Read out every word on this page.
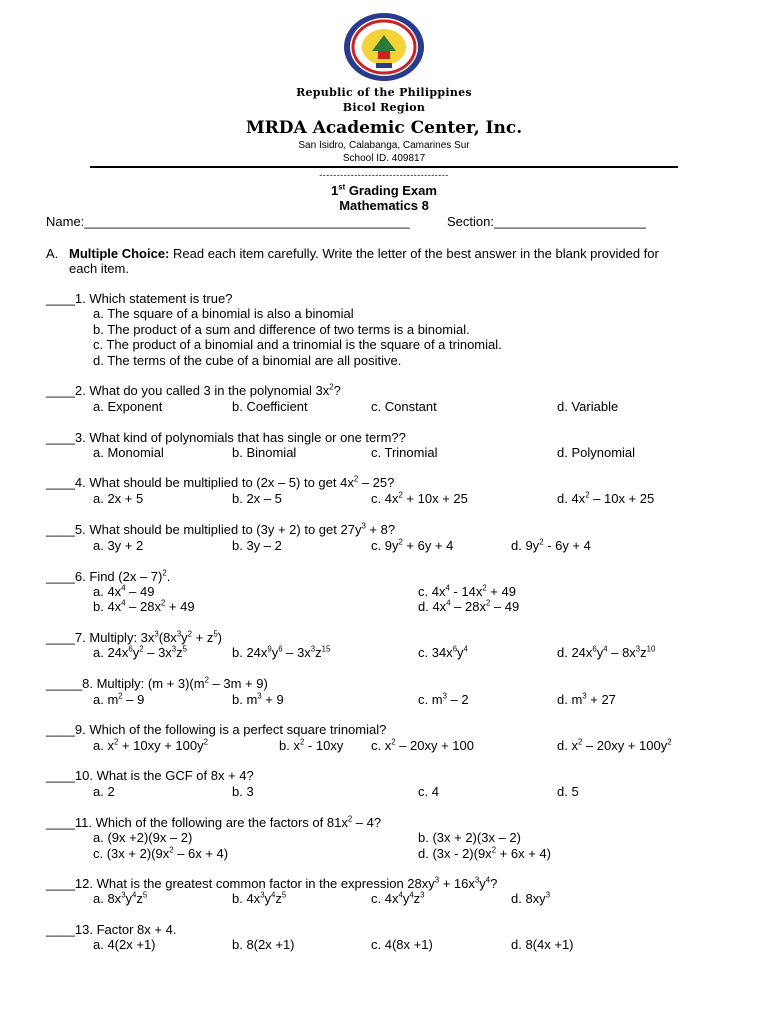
Republic of the Philippines
Bicol Region
MRDA Academic Center, Inc.
San Isidro, Calabanga, Camarines Sur
School ID. 409817
-------------------------------------
1st Grading Exam
Mathematics 8
Name:_____________________________________________	Section:_____________________
A. Multiple Choice: Read each item carefully. Write the letter of the best answer in the blank provided for
each item.
____1. Which statement is true?
a. The square of a binomial is also a binomial
b. The product of a sum and difference of two terms is a binomial.
c. The product of a binomial and a trinomial is the square of a trinomial.
d. The terms of the cube of a binomial are all positive.
____2. What do you called 3 in the polynomial $3x^2$?
a. Exponent	b. Coefficient	c. Constant	d. Variable
____3. What kind of polynomials that has single or one term??
a. Monomial	b. Binomial	c. Trinomial	d. Polynomial
____4. What should be multiplied to (2x – 5) to get $4x^2 - 25$?
a. 2x + 5	b. 2x – 5	c. $4x^2 + 10x + 25$	d. $4x^2 - 10x + 25$
____5. What should be multiplied to (3y + 2) to get $27y^3 + 8$?
a. 3y + 2	b. 3y – 2	c. $9y^2 + 6y + 4$	d. $9y^2 - 6y + 4$
____6. Find (2x – 7)$^2$.
a. $4x^4 - 49$
b. $4x^4 - 28x^2 + 49$
c. $4x^4 - 14x^2 + 49$
d. $4x^4 - 28x^2 - 49$
____7. Multiply: $3x^3(8x^3y^2 + z^5)$
a. $24x^6y^2 - 3x^3z^5$	b. $24x^9y^6 - 3x^3z^{15}$	c. $34x^6y^4$	d. $24x^6y^4 - 8x^3z^{10}$
_____8. Multiply: $(m + 3)(m^2 - 3m + 9)$
a. $m^2 - 9$	b. $m^3 + 9$	c. $m^3 - 2$	d. $m^3 + 27$
____9. Which of the following is a perfect square trinomial?
a. $x^2 + 10xy + 100y^2$	b. $x^2 - 10xy$ c. $x^2 - 20xy + 100$	d. $x^2 - 20xy + 100y^2$
____10. What is the GCF of 8x + 4?
a. 2	b. 3	c. 4	d. 5
____11. Which of the following are the factors of $81x^2 - 4$?
a. (9x +2)(9x – 2)	b. (3x + 2)(3x – 2)
c. $(3x + 2)(9x^2 - 6x + 4)$	d. $(3x - 2)(9x^2 + 6x + 4)$
____12. What is the greatest common factor in the expression $28xy^3 + 16x^3y^4$?
a. $8x^3y^4z^5$	b. $4x^3y^4z^5$	c. $4x^4y^4z^3$	d. $8xy^3$
____13. Factor 8x + 4.
a. 4(2x +1)	b. 8(2x +1)	c. 4(8x +1)	d. 8(4x +1)
